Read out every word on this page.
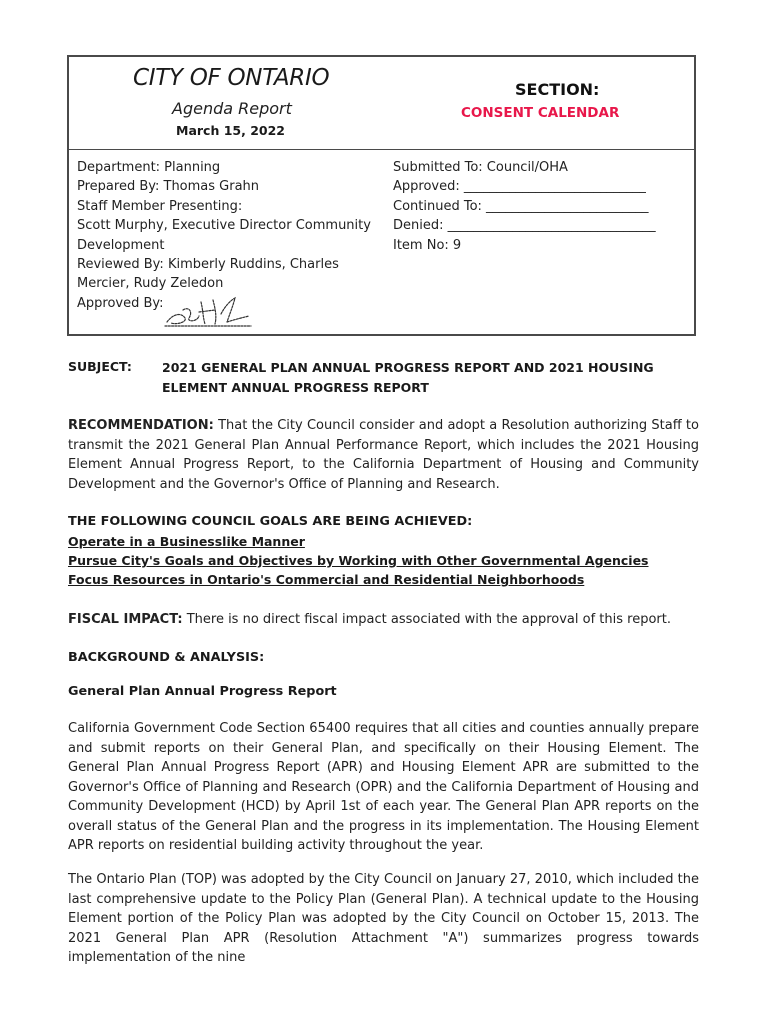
CITY OF ONTARIO
Agenda Report
March 15, 2022
SECTION:
CONSENT CALENDAR
Department: Planning
Prepared By: Thomas Grahn
Staff Member Presenting:
Scott Murphy, Executive Director Community Development
Reviewed By: Kimberly Ruddins, Charles Mercier, Rudy Zeledon
Approved By:
Submitted To: Council/OHA
Approved: ____________________________
Continued To: _________________________
Denied: ________________________________
Item No: 9
SUBJECT: 2021 GENERAL PLAN ANNUAL PROGRESS REPORT AND 2021 HOUSING ELEMENT ANNUAL PROGRESS REPORT
RECOMMENDATION: That the City Council consider and adopt a Resolution authorizing Staff to transmit the 2021 General Plan Annual Performance Report, which includes the 2021 Housing Element Annual Progress Report, to the California Department of Housing and Community Development and the Governor's Office of Planning and Research.
THE FOLLOWING COUNCIL GOALS ARE BEING ACHIEVED:
Operate in a Businesslike Manner
Pursue City's Goals and Objectives by Working with Other Governmental Agencies
Focus Resources in Ontario's Commercial and Residential Neighborhoods
FISCAL IMPACT: There is no direct fiscal impact associated with the approval of this report.
BACKGROUND & ANALYSIS:
General Plan Annual Progress Report
California Government Code Section 65400 requires that all cities and counties annually prepare and submit reports on their General Plan, and specifically on their Housing Element. The General Plan Annual Progress Report (APR) and Housing Element APR are submitted to the Governor's Office of Planning and Research (OPR) and the California Department of Housing and Community Development (HCD) by April 1st of each year. The General Plan APR reports on the overall status of the General Plan and the progress in its implementation. The Housing Element APR reports on residential building activity throughout the year.
The Ontario Plan (TOP) was adopted by the City Council on January 27, 2010, which included the last comprehensive update to the Policy Plan (General Plan). A technical update to the Housing Element portion of the Policy Plan was adopted by the City Council on October 15, 2013. The 2021 General Plan APR (Resolution Attachment "A") summarizes progress towards implementation of the nine
